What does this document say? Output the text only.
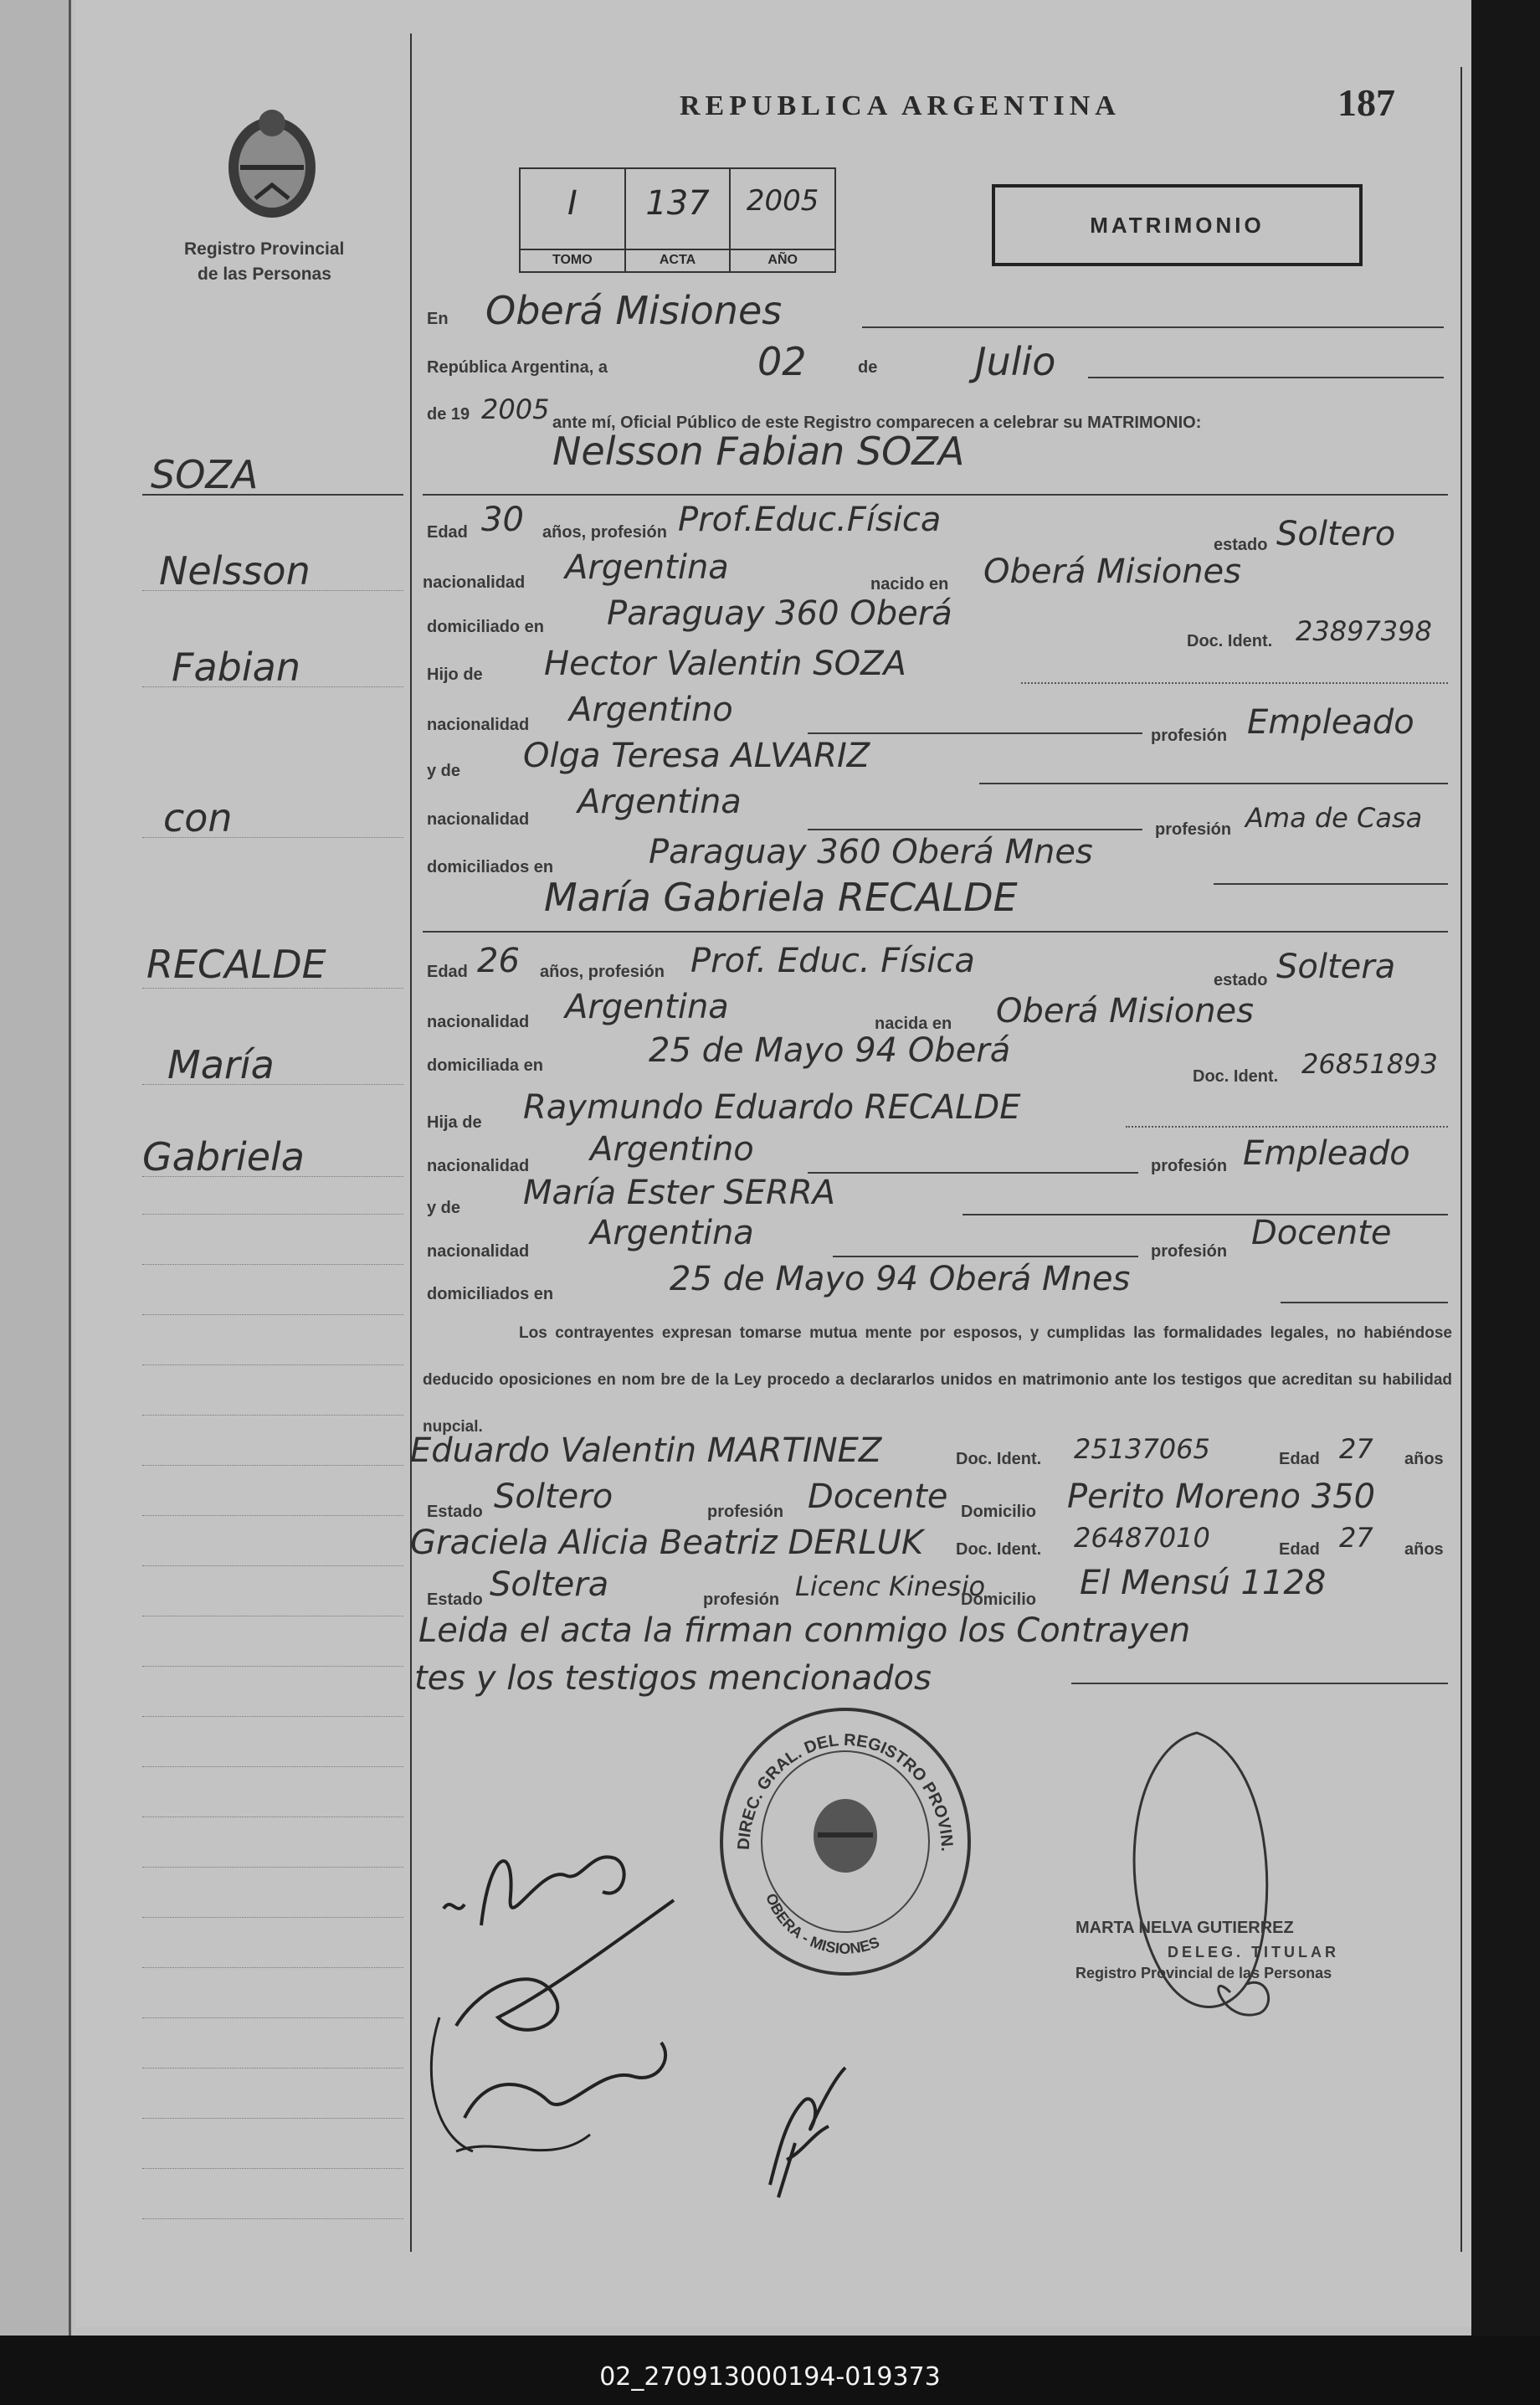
Registro Provincial
de las Personas
REPUBLICA ARGENTINA	187
I
TOMO
137
ACTA
2005
AÑO
MATRIMONIO
SOZA
Nelsson
Fabian
con
RECALDE
María
Gabriela
En Oberá Misiones
República Argentina, a	02	de	Julio
de 19 2005 ante mí, Oficial Público de este Registro comparecen a celebrar su MATRIMONIO:
Nelsson Fabian SOZA
Edad 30 años, profesión Prof.Educ.Física
estado Soltero
nacionalidad Argentina	nacido en Oberá Misiones
domiciliado en Paraguay 360 Oberá
Doc. Ident. 23897398
Hijo de Hector Valentin SOZA
nacionalidad Argentino
profesión Empleado
y de Olga Teresa ALVARIZ
nacionalidad Argentina
profesión Ama de Casa
domiciliados en	Paraguay 360 Oberá Mnes
María Gabriela RECALDE
Edad 26 años, profesión Prof. Educ. Física	estado Soltera
nacionalidad Argentina	nacida en Oberá Misiones
domiciliada en	25 de Mayo 94 Oberá
Doc. Ident. 26851893
Hija de Raymundo Eduardo RECALDE
nacionalidad Argentino	profesión Empleado
y de María Ester SERRA
nacionalidad Argentina	profesión Docente
domiciliados en	25 de Mayo 94 Oberá Mnes
Los contrayentes expresan tomarse mutua mente por esposos, y cumplidas las formalidades legales, no habiéndose deducido oposiciones en nom bre de la Ley procedo a declararlos unidos en matrimonio ante los testigos que acreditan su habilidad nupcial.
Eduardo Valentin MARTINEZ	Doc. Ident. 25137065	Edad 27 años
Estado Soltero	profesión Docente Domicilio Perito Moreno 350
Graciela Alicia Beatriz DERLUK Doc. Ident. 26487010	Edad 27 años
Estado Soltera	profesión Licenc Kinesio
Domicilio El Mensú 1128
Leida el acta la firman conmigo los Contrayen
tes y los testigos mencionados
DIREC. GRAL. DEL REGISTRO PROVIN.
OBERA - MISIONES
MARTA NELVA GUTIERREZ
DELEG. TITULAR
Registro Provincial de las Personas
02_270913000194-019373
